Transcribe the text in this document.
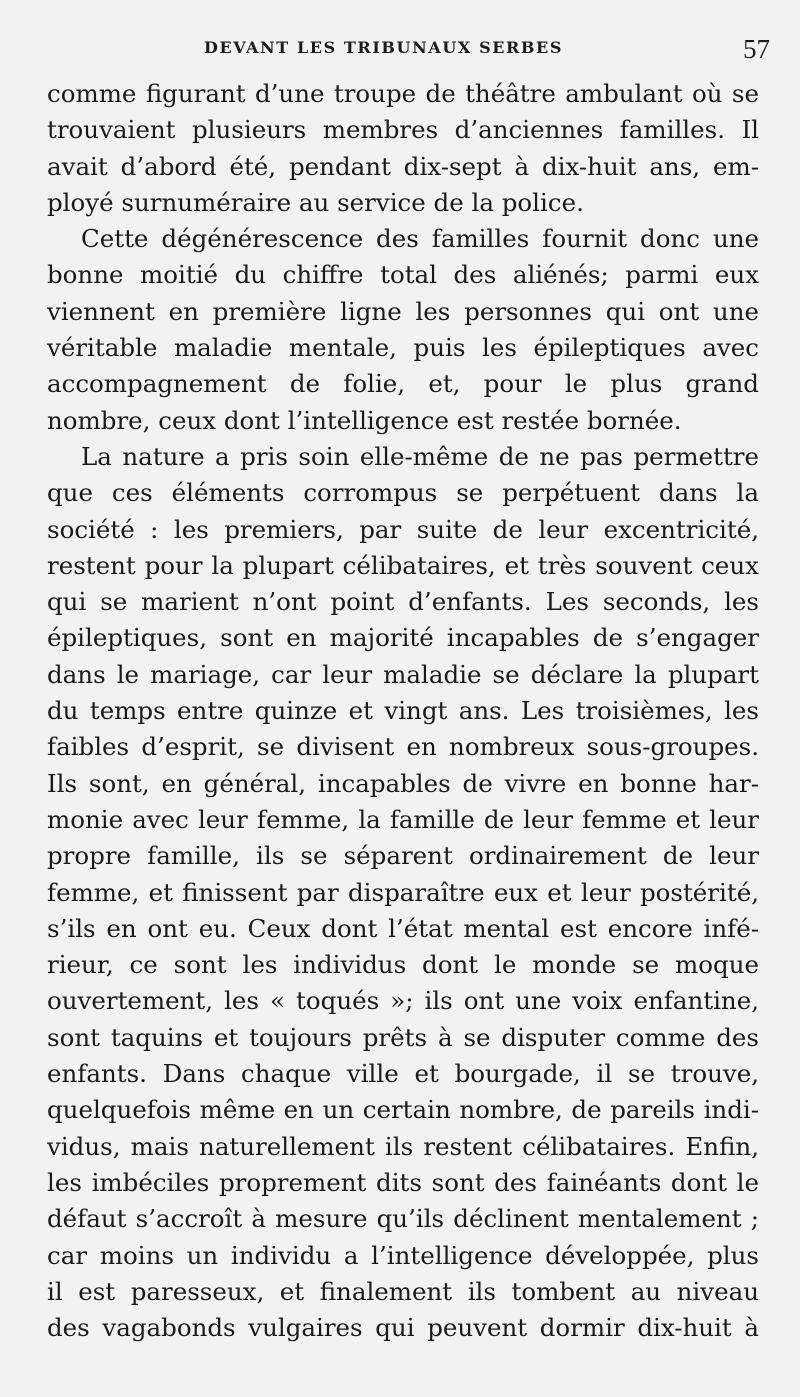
DEVANT LES TRIBUNAUX SERBES	57
comme figurant d’une troupe de théâtre ambulant où se
trouvaient plusieurs membres d’anciennes familles. Il
avait d’abord été, pendant dix-sept à dix-huit ans, em-
ployé surnuméraire au service de la police.
Cette dégénérescence des familles fournit donc une
bonne moitié du chiffre total des aliénés; parmi eux
viennent en première ligne les personnes qui ont une
véritable maladie mentale, puis les épileptiques avec
accompagnement de folie, et, pour le plus grand
nombre, ceux dont l’intelligence est restée bornée.
La nature a pris soin elle-même de ne pas permettre
que ces éléments corrompus se perpétuent dans la
société : les premiers, par suite de leur excentricité,
restent pour la plupart célibataires, et très souvent ceux
qui se marient n’ont point d’enfants. Les seconds, les
épileptiques, sont en majorité incapables de s’engager
dans le mariage, car leur maladie se déclare la plupart
du temps entre quinze et vingt ans. Les troisièmes, les
faibles d’esprit, se divisent en nombreux sous-groupes.
Ils sont, en général, incapables de vivre en bonne har-
monie avec leur femme, la famille de leur femme et leur
propre famille, ils se séparent ordinairement de leur
femme, et finissent par disparaître eux et leur postérité,
s’ils en ont eu. Ceux dont l’état mental est encore infé-
rieur, ce sont les individus dont le monde se moque
ouvertement, les « toqués »; ils ont une voix enfantine,
sont taquins et toujours prêts à se disputer comme des
enfants. Dans chaque ville et bourgade, il se trouve,
quelquefois même en un certain nombre, de pareils indi-
vidus, mais naturellement ils restent célibataires. Enfin,
les imbéciles proprement dits sont des fainéants dont le
défaut s’accroît à mesure qu’ils déclinent mentalement ;
car moins un individu a l’intelligence développée, plus
il est paresseux, et finalement ils tombent au niveau
des vagabonds vulgaires qui peuvent dormir dix-huit à
